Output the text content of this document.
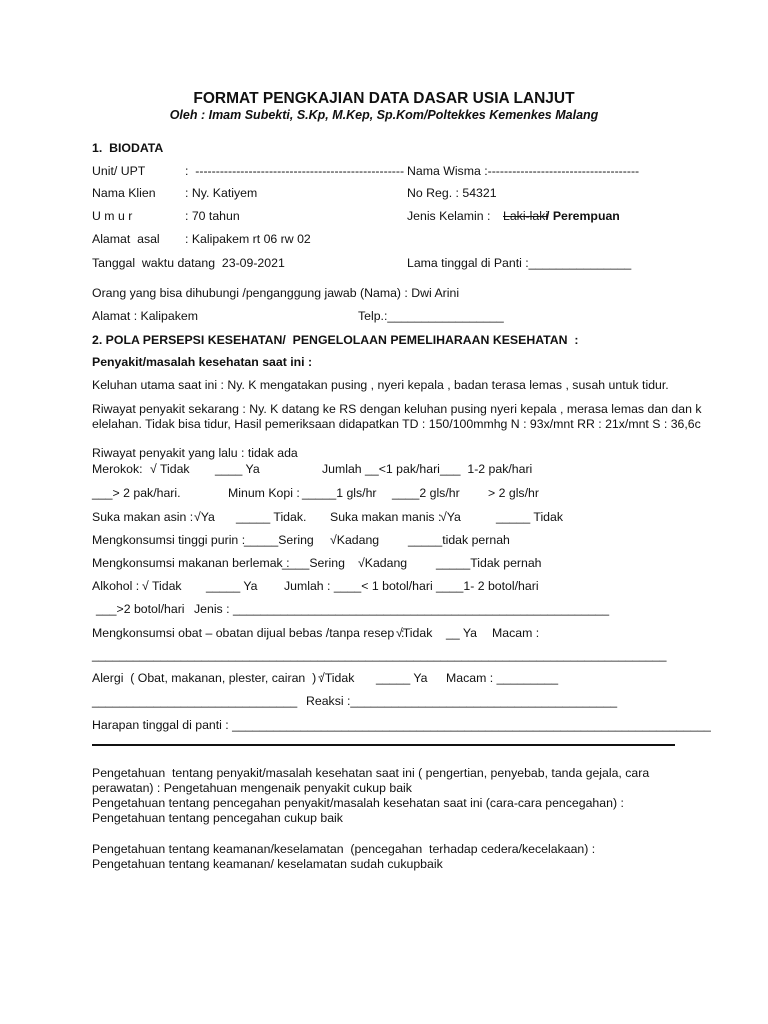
FORMAT PENGKAJIAN DATA DASAR USIA LANJUT
Oleh : Imam Subekti, S.Kp, M.Kep, Sp.Kom/Poltekkes Kemenkes Malang
1.  BIODATA
Unit/ UPT	:  --------------------------------------------------- Nama Wisma :-------------------------------------
Nama Klien : Ny. Katiyem	No Reg. : 54321
U m u r	: 70 tahun	Jenis Kelamin : Laki-laki
/ Perempuan
Alamat  asal : Kalipakem rt 06 rw 02
Tanggal  waktu datang  23-09-2021	Lama tinggal di Panti :_______________
Orang yang bisa dihubungi /penganggung jawab (Nama) : Dwi Arini
Alamat : Kalipakem	Telp.:_________________
2. POLA PERSEPSI KESEHATAN/  PENGELOLAAN PEMELIHARAAN KESEHATAN  :
Penyakit/masalah kesehatan saat ini :
Keluhan utama saat ini : Ny. K mengatakan pusing , nyeri kepala , badan terasa lemas , susah untuk tidur.
Riwayat penyakit sekarang : Ny. K datang ke RS dengan keluhan pusing nyeri kepala , merasa lemas dan dan k
elelahan. Tidak bisa tidur, Hasil pemeriksaan didapatkan TD : 150/100mmhg N : 93x/mnt RR : 21x/mnt S : 36,6c
Riwayat penyakit yang lalu : tidak ada
Merokok: √ Tidak ____ Ya	Jumlah __<1 pak/hari ___  1-2 pak/hari
___> 2 pak/hari.	Minum Kopi : _____1 gls/hr ____2 gls/hr > 2 gls/hr
Suka makan asin : √Ya _____ Tidak. Suka makan manis :
√Ya	_____ Tidak
Mengkonsumsi tinggi purin :
_____Sering √Kadang _____tidak pernah
Mengkonsumsi makanan berlemak :
____Sering √Kadang _____Tidak pernah
Alkohol : √ Tidak _____ Ya Jumlah : ____< 1 botol/hari ____1- 2 botol/hari
___>2 botol/hari Jenis : _______________________________________________________
Mengkonsumsi obat – obatan dijual bebas /tanpa resep  :
√Tidak __ Ya Macam :
____________________________________________________________________________________
Alergi  ( Obat, makanan, plester, cairan  ) :
√Tidak _____ Ya Macam : _________
______________________________ Reaksi :_______________________________________
Harapan tinggal di panti : ______________________________________________________________________
Pengetahuan  tentang penyakit/masalah kesehatan saat ini ( pengertian, penyebab, tanda gejala, cara
perawatan) : Pengetahuan mengenaik penyakit cukup baik
Pengetahuan tentang pencegahan penyakit/masalah kesehatan saat ini (cara-cara pencegahan) :
Pengetahuan tentang pencegahan cukup baik
Pengetahuan tentang keamanan/keselamatan  (pencegahan  terhadap cedera/kecelakaan) :
Pengetahuan tentang keamanan/ keselamatan sudah cukupbaik
